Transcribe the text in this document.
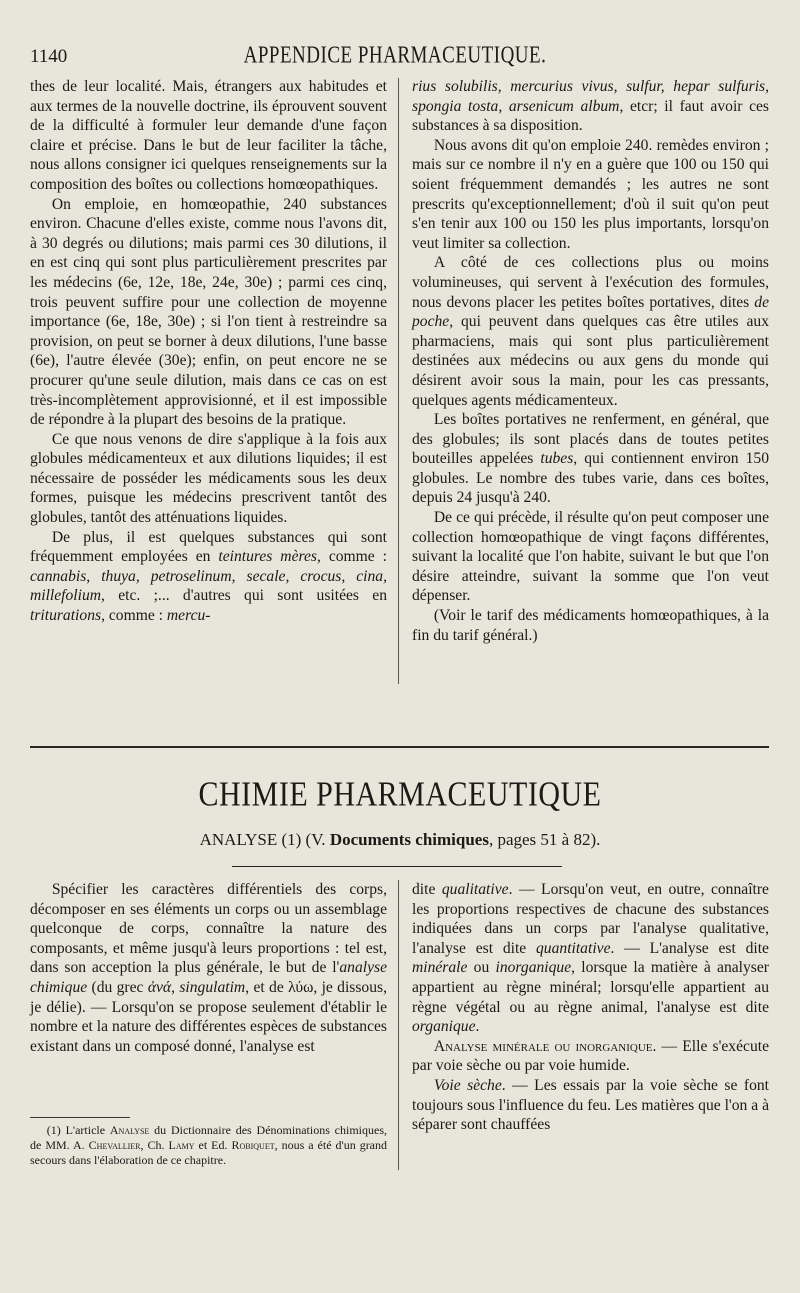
1140	APPENDICE PHARMACEUTIQUE.

thes de leur localité. Mais, étrangers aux habitudes et aux termes de la nouvelle doctrine, ils éprouvent souvent de la difficulté à formuler leur demande d'une façon claire et précise. Dans le but de leur faciliter la tâche, nous allons consigner ici quelques renseignements sur la composition des boîtes ou collections homœopathiques.

On emploie, en homœopathie, 240 substances environ. Chacune d'elles existe, comme nous l'avons dit, à 30 degrés ou dilutions; mais parmi ces 30 dilutions, il en est cinq qui sont plus particulièrement prescrites par les médecins (6e, 12e, 18e, 24e, 30e) ; parmi ces cinq, trois peuvent suffire pour une collection de moyenne importance (6e, 18e, 30e) ; si l'on tient à restreindre sa provision, on peut se borner à deux dilutions, l'une basse (6e), l'autre élevée (30e); enfin, on peut encore ne se procurer qu'une seule dilution, mais dans ce cas on est très-incomplètement approvisionné, et il est impossible de répondre à la plupart des besoins de la pratique.

Ce que nous venons de dire s'applique à la fois aux globules médicamenteux et aux dilutions liquides; il est nécessaire de posséder les médicaments sous les deux formes, puisque les médecins prescrivent tantôt des globules, tantôt des atténuations liquides.

De plus, il est quelques substances qui sont fréquemment employées en teintures mères, comme : cannabis, thuya, petroselinum, secale, crocus, cina, millefolium, etc. ;... d'autres qui sont usitées en triturations, comme : mercu-

rius solubilis, mercurius vivus, sulfur, hepar sulfuris, spongia tosta, arsenicum album, etcr; il faut avoir ces substances à sa disposition.

Nous avons dit qu'on emploie 240. remèdes environ ; mais sur ce nombre il n'y en a guère que 100 ou 150 qui soient fréquemment demandés ; les autres ne sont prescrits qu'exceptionnellement; d'où il suit qu'on peut s'en tenir aux 100 ou 150 les plus importants, lorsqu'on veut limiter sa collection.

A côté de ces collections plus ou moins volumineuses, qui servent à l'exécution des formules, nous devons placer les petites boîtes portatives, dites de poche, qui peuvent dans quelques cas être utiles aux pharmaciens, mais qui sont plus particulièrement destinées aux médecins ou aux gens du monde qui désirent avoir sous la main, pour les cas pressants, quelques agents médicamenteux.

Les boîtes portatives ne renferment, en général, que des globules; ils sont placés dans de toutes petites bouteilles appelées tubes, qui contiennent environ 150 globules. Le nombre des tubes varie, dans ces boîtes, depuis 24 jusqu'à 240.

De ce qui précède, il résulte qu'on peut composer une collection homœopathique de vingt façons différentes, suivant la localité que l'on habite, suivant le but que l'on désire atteindre, suivant la somme que l'on veut dépenser.

(Voir le tarif des médicaments homœopathiques, à la fin du tarif général.)

CHIMIE PHARMACEUTIQUE
ANALYSE (1) (V. Documents chimiques, pages 51 à 82).

Spécifier les caractères différentiels des corps, décomposer en ses éléments un corps ou un assemblage quelconque de corps, connaître la nature des composants, et même jusqu'à leurs proportions : tel est, dans son acception la plus générale, le but de l'analyse chimique (du grec ἀνά, singulatim, et de λύω, je dissous, je délie). — Lorsqu'on se propose seulement d'établir le nombre et la nature des différentes espèces de substances existant dans un composé donné, l'analyse est

(1) L'article Analyse du Dictionnaire des Dénominations chimiques, de MM. A. Chevallier, Ch. Lamy et Ed. Robiquet, nous a été d'un grand secours dans l'élaboration de ce chapitre.

dite qualitative. — Lorsqu'on veut, en outre, connaître les proportions respectives de chacune des substances indiquées dans un corps par l'analyse qualitative, l'analyse est dite quantitative. — L'analyse est dite minérale ou inorganique, lorsque la matière à analyser appartient au règne minéral; lorsqu'elle appartient au règne végétal ou au règne animal, l'analyse est dite organique.

Analyse minérale ou inorganique. — Elle s'exécute par voie sèche ou par voie humide.

Voie sèche. — Les essais par la voie sèche se font toujours sous l'influence du feu. Les matières que l'on a à séparer sont chauffées
